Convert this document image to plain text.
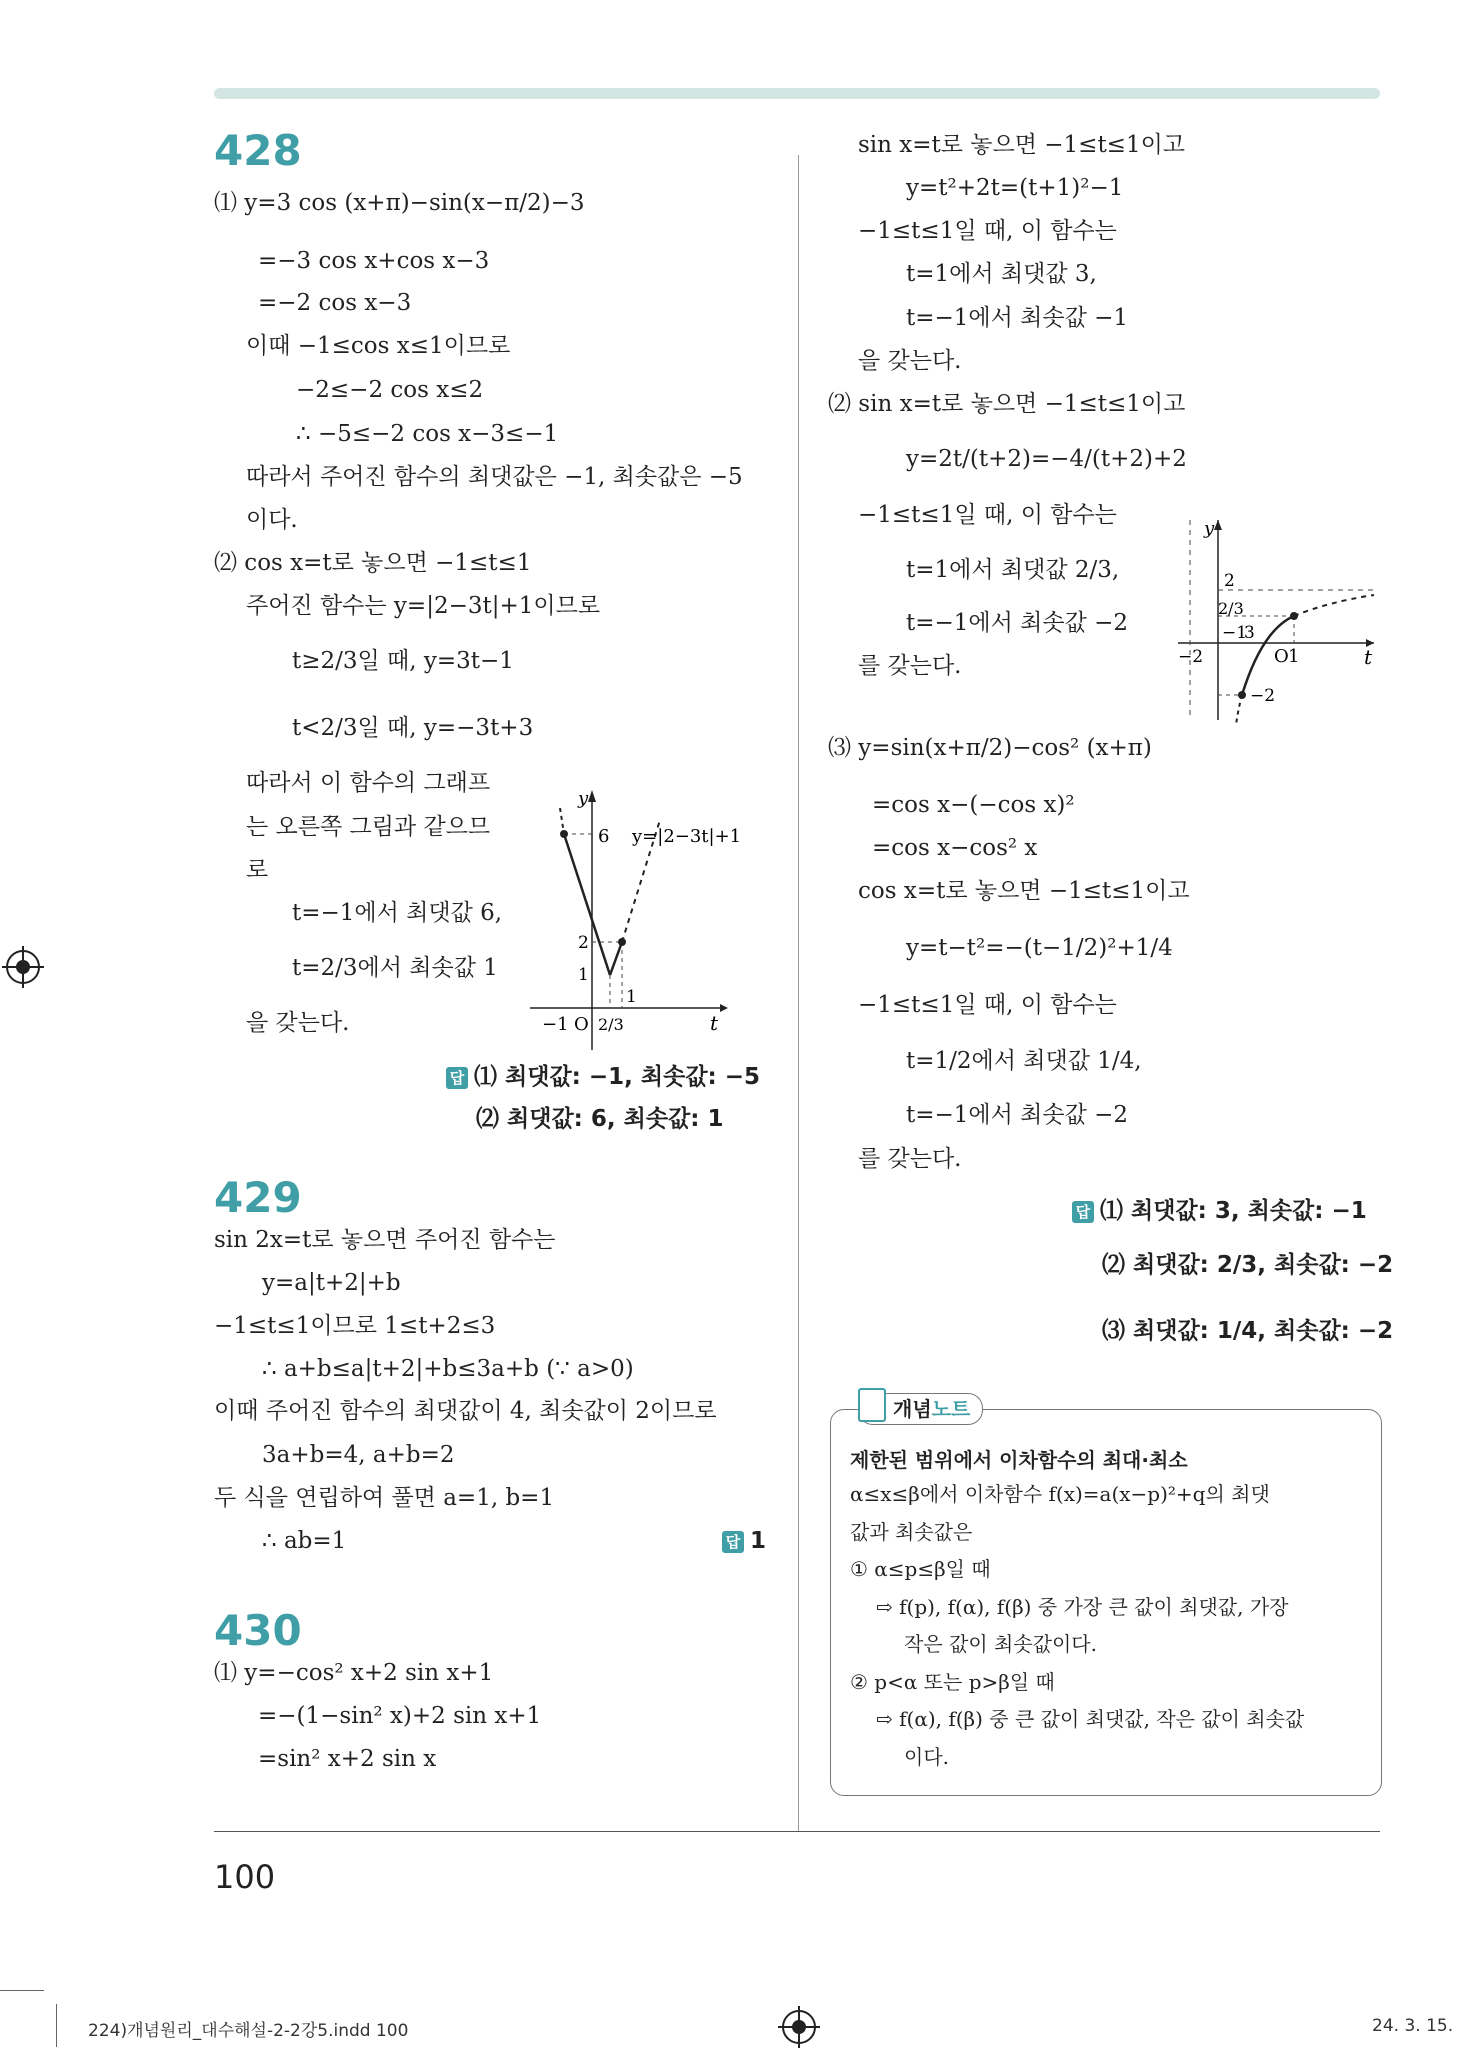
428
⑴ y=3 cos (x+π)−sin(x−π/2)−3
=−3 cos x+cos x−3
=−2 cos x−3
이때 −1≤cos x≤1이므로
−2≤−2 cos x≤2
∴ −5≤−2 cos x−3≤−1
따라서 주어진 함수의 최댓값은 −1, 최솟값은 −5
이다.
⑵ cos x=t로 놓으면 −1≤t≤1
주어진 함수는 y=|2−3t|+1이므로
t≥2/3일 때, y=3t−1
t<2/3일 때, y=−3t+3
따라서 이 함수의 그래프
는 오른쪽 그림과 같으므
로
t=−1에서 최댓값 6,
t=2/3에서 최솟값 1
을 갖는다.
429
sin 2x=t로 놓으면 주어진 함수는
y=a|t+2|+b
−1≤t≤1이므로 1≤t+2≤3
∴ a+b≤a|t+2|+b≤3a+b (∵ a>0)
이때 주어진 함수의 최댓값이 4, 최솟값이 2이므로
3a+b=4, a+b=2
두 식을 연립하여 풀면 a=1, b=1
∴ ab=1
430
⑴ y=−cos² x+2 sin x+1
=−(1−sin² x)+2 sin x+1
=sin² x+2 sin x
sin x=t로 놓으면 −1≤t≤1이고
y=t²+2t=(t+1)²−1
−1≤t≤1일 때, 이 함수는
t=1에서 최댓값 3,
t=−1에서 최솟값 −1
을 갖는다.
⑵ sin x=t로 놓으면 −1≤t≤1이고
y=2t/(t+2)=−4/(t+2)+2
−1≤t≤1일 때, 이 함수는
t=1에서 최댓값 2/3,
t=−1에서 최솟값 −2
를 갖는다.
⑶ y=sin(x+π/2)−cos² (x+π)
=cos x−(−cos x)²
=cos x−cos² x
cos x=t로 놓으면 −1≤t≤1이고
y=t−t²=−(t−1/2)²+1/4
−1≤t≤1일 때, 이 함수는
t=1/2에서 최댓값 1/4,
t=−1에서 최솟값 −2
를 갖는다.
답 ⑴ 최댓값: −1, 최솟값: −5
⑵ 최댓값: 6, 최솟값: 1
답 1
답 ⑴ 최댓값: 3, 최솟값: −1
⑵ 최댓값: 2/3, 최솟값: −2
⑶ 최댓값: 1/4, 최솟값: −2
y
t
y=|2−3t|+1
6
2
1
−1 O 2/3
1
y
t
2
2/3
−1
3
−2	O 1
−2
개념노트
제한된 범위에서 이차함수의 최대·최소
α≤x≤β에서 이차함수 f(x)=a(x−p)²+q의 최댓
값과 최솟값은
① α≤p≤β일 때
⇨ f(p), f(α), f(β) 중 가장 큰 값이 최댓값, 가장
작은 값이 최솟값이다.
② p<α 또는 p>β일 때
⇨ f(α), f(β) 중 큰 값이 최댓값, 작은 값이 최솟값
이다.
100
224)개념원리_대수해설-2-2강5.indd 100	24. 3. 15.
